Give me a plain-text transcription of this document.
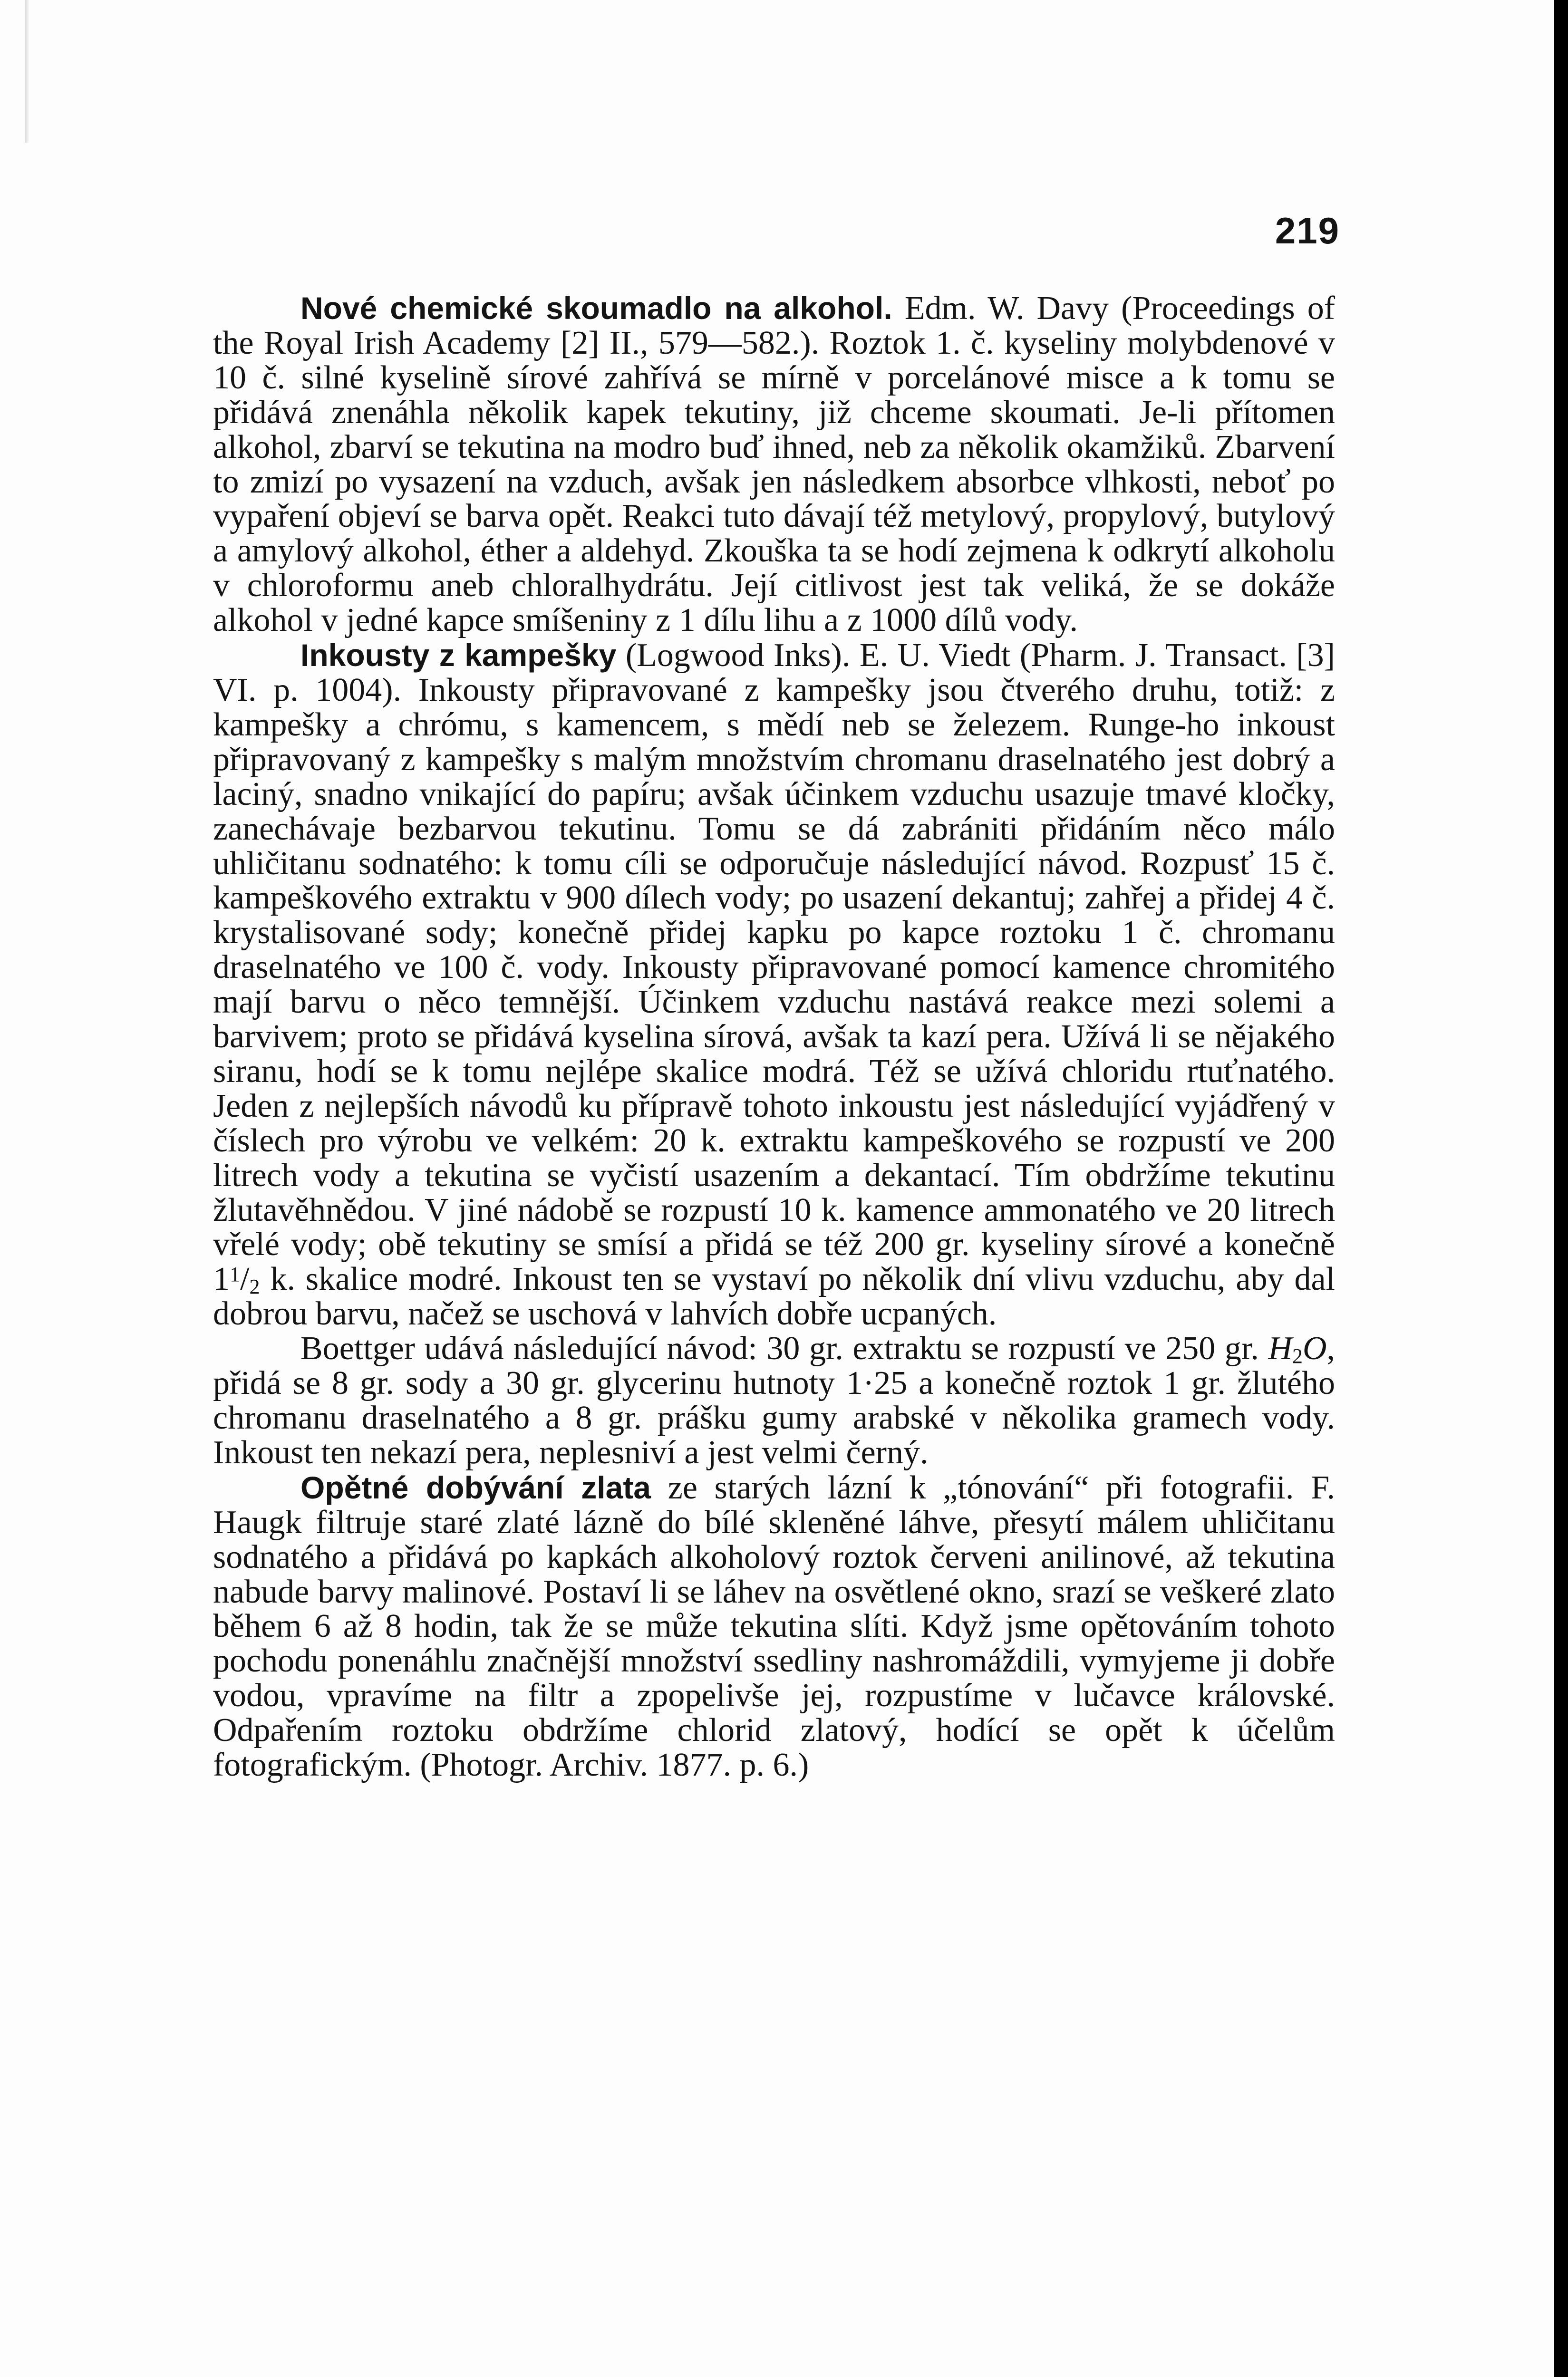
219

Nové chemické skoumadlo na alkohol. Edm. W. Davy (Proceedings of the Royal Irish Academy [2] II., 579—582.). Roztok 1. č. kyseliny molybdenové v 10 č. silné kyselině sírové zahřívá se mírně v porcelánové misce a k tomu se přidává znenáhla několik kapek tekutiny, již chceme skoumati. Je-li přítomen alkohol, zbarví se tekutina na modro buď ihned, neb za několik okamžiků. Zbarvení to zmizí po vysazení na vzduch, avšak jen následkem absorbce vlhkosti, neboť po vypaření objeví se barva opět. Reakci tuto dávají též metylový, propylový, butylový a amylový alkohol, éther a aldehyd. Zkouška ta se hodí zejmena k odkrytí alkoholu v chloroformu aneb chloralhydrátu. Její citlivost jest tak veliká, že se dokáže alkohol v jedné kapce smíšeniny z 1 dílu lihu a z 1000 dílů vody.

Inkousty z kampešky (Logwood Inks). E. U. Viedt (Pharm. J. Transact. [3] VI. p. 1004). Inkousty připravované z kampešky jsou čtverého druhu, totiž: z kampešky a chrómu, s kamencem, s mědí neb se železem. Runge-ho inkoust připravovaný z kampešky s malým množstvím chromanu draselnatého jest dobrý a laciný, snadno vnikající do papíru; avšak účinkem vzduchu usazuje tmavé kločky, zanechávaje bezbarvou tekutinu. Tomu se dá zabrániti přidáním něco málo uhličitanu sodnatého: k tomu cíli se odporučuje následující návod. Rozpusť 15 č. kampeškového extraktu v 900 dílech vody; po usazení dekantuj; zahřej a přidej 4 č. krystalisované sody; konečně přidej kapku po kapce roztoku 1 č. chromanu draselnatého ve 100 č. vody. Inkousty připravované pomocí kamence chromitého mají barvu o něco temnější. Účinkem vzduchu nastává reakce mezi solemi a barvivem; proto se přidává kyselina sírová, avšak ta kazí pera. Užívá li se nějakého siranu, hodí se k tomu nejlépe skalice modrá. Též se užívá chloridu rtuťnatého. Jeden z nejlepších návodů ku přípravě tohoto inkoustu jest následující vyjádřený v číslech pro výrobu ve velkém: 20 k. extraktu kampeškového se rozpustí ve 200 litrech vody a tekutina se vyčistí usazením a dekantací. Tím obdržíme tekutinu žlutavěhnědou. V jiné nádobě se rozpustí 10 k. kamence ammonatého ve 20 litrech vřelé vody; obě tekutiny se smísí a přidá se též 200 gr. kyseliny sírové a konečně $1^1/2$ k. skalice modré. Inkoust ten se vystaví po několik dní vlivu vzduchu, aby dal dobrou barvu, načež se uschová v lahvích dobře ucpaných.

Boettger udává následující návod: 30 gr. extraktu se rozpustí ve 250 gr. $H_2O$, přidá se 8 gr. sody a 30 gr. glycerinu hutnoty 1·25 a konečně roztok 1 gr. žlutého chromanu draselnatého a 8 gr. prášku gumy arabské v několika gramech vody. Inkoust ten nekazí pera, neplesniví a jest velmi černý.

Opětné dobývání zlata ze starých lázní k „tónování“ při fotografii. F. Haugk filtruje staré zlaté lázně do bílé skleněné láhve, přesytí málem uhličitanu sodnatého a přidává po kapkách alkoholový roztok červeni anilinové, až tekutina nabude barvy malinové. Postaví li se láhev na osvětlené okno, srazí se veškeré zlato během 6 až 8 hodin, tak že se může tekutina slíti. Když jsme opětováním tohoto pochodu ponenáhlu značnější množství ssedliny nashromáždili, vymyjeme ji dobře vodou, vpravíme na filtr a zpopelivše jej, rozpustíme v lučavce královské. Odpařením roztoku obdržíme chlorid zlatový, hodící se opět k účelům fotografickým. (Photogr. Archiv. 1877. p. 6.)
